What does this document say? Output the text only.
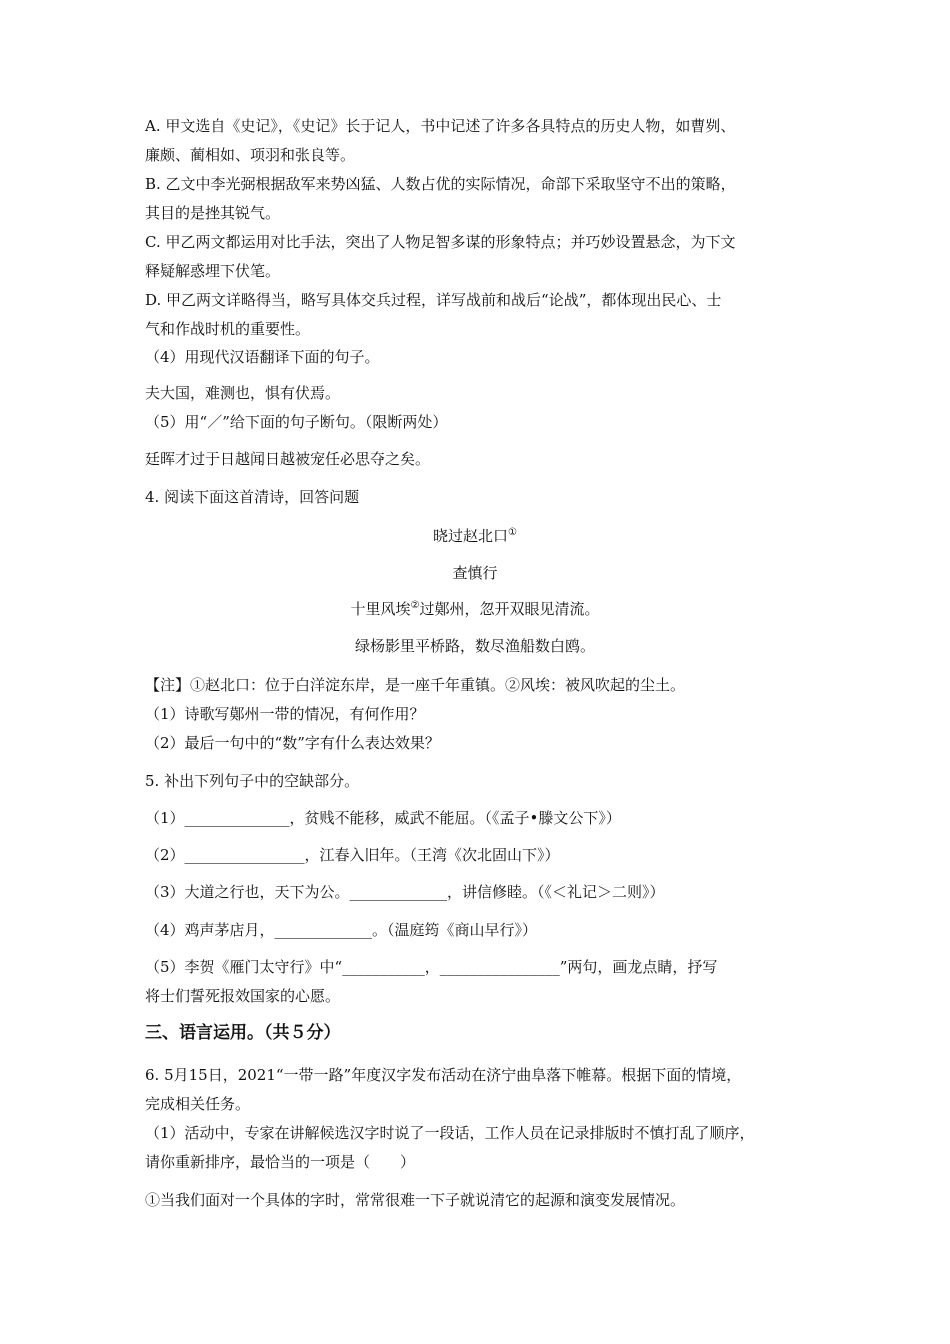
A. 甲文选自《史记》，《史记》长于记人，书中记述了许多各具特点的历史人物，如曹刿、
廉颇、蔺相如、项羽和张良等。
B. 乙文中李光弼根据敌军来势凶猛、人数占优的实际情况，命部下采取坚守不出的策略，
其目的是挫其锐气。
C. 甲乙两文都运用对比手法，突出了人物足智多谋的形象特点；并巧妙设置悬念，为下文
释疑解惑埋下伏笔。
D. 甲乙两文详略得当，略写具体交兵过程，详写战前和战后“论战”，都体现出民心、士
气和作战时机的重要性。
（4）用现代汉语翻译下面的句子。
夫大国，难测也，惧有伏焉。
（5）用“／”给下面的句子断句。（限断两处）
廷晖才过于日越闻日越被宠任必思夺之矣。
4. 阅读下面这首清诗，回答问题
晓过赵北口①
查慎行
十里风埃②过鄚州，忽开双眼见清流。
绿杨影里平桥路，数尽渔船数白鸥。
【注】①赵北口：位于白洋淀东岸，是一座千年重镇。②风埃：被风吹起的尘土。
（1）诗歌写鄚州一带的情况，有何作用？
（2）最后一句中的“数”字有什么表达效果？
5. 补出下列句子中的空缺部分。
（1）______________，贫贱不能移，威武不能屈。（《孟子•滕文公下》）
（2）________________，江春入旧年。（王湾《次北固山下》）
（3）大道之行也，天下为公。_____________，讲信修睦。（《＜礼记＞二则》）
（4）鸡声茅店月，_____________。（温庭筠《商山早行》）
（5）李贺《雁门太守行》中“___________，________________”两句，画龙点睛，抒写
将士们誓死报效国家的心愿。
三、语言运用。（共５分）
6. 5月15日，2021“一带一路”年度汉字发布活动在济宁曲阜落下帷幕。根据下面的情境，
完成相关任务。
（1）活动中，专家在讲解候选汉字时说了一段话，工作人员在记录排版时不慎打乱了顺序，
请你重新排序，最恰当的一项是（　　）
①当我们面对一个具体的字时，常常很难一下子就说清它的起源和演变发展情况。
